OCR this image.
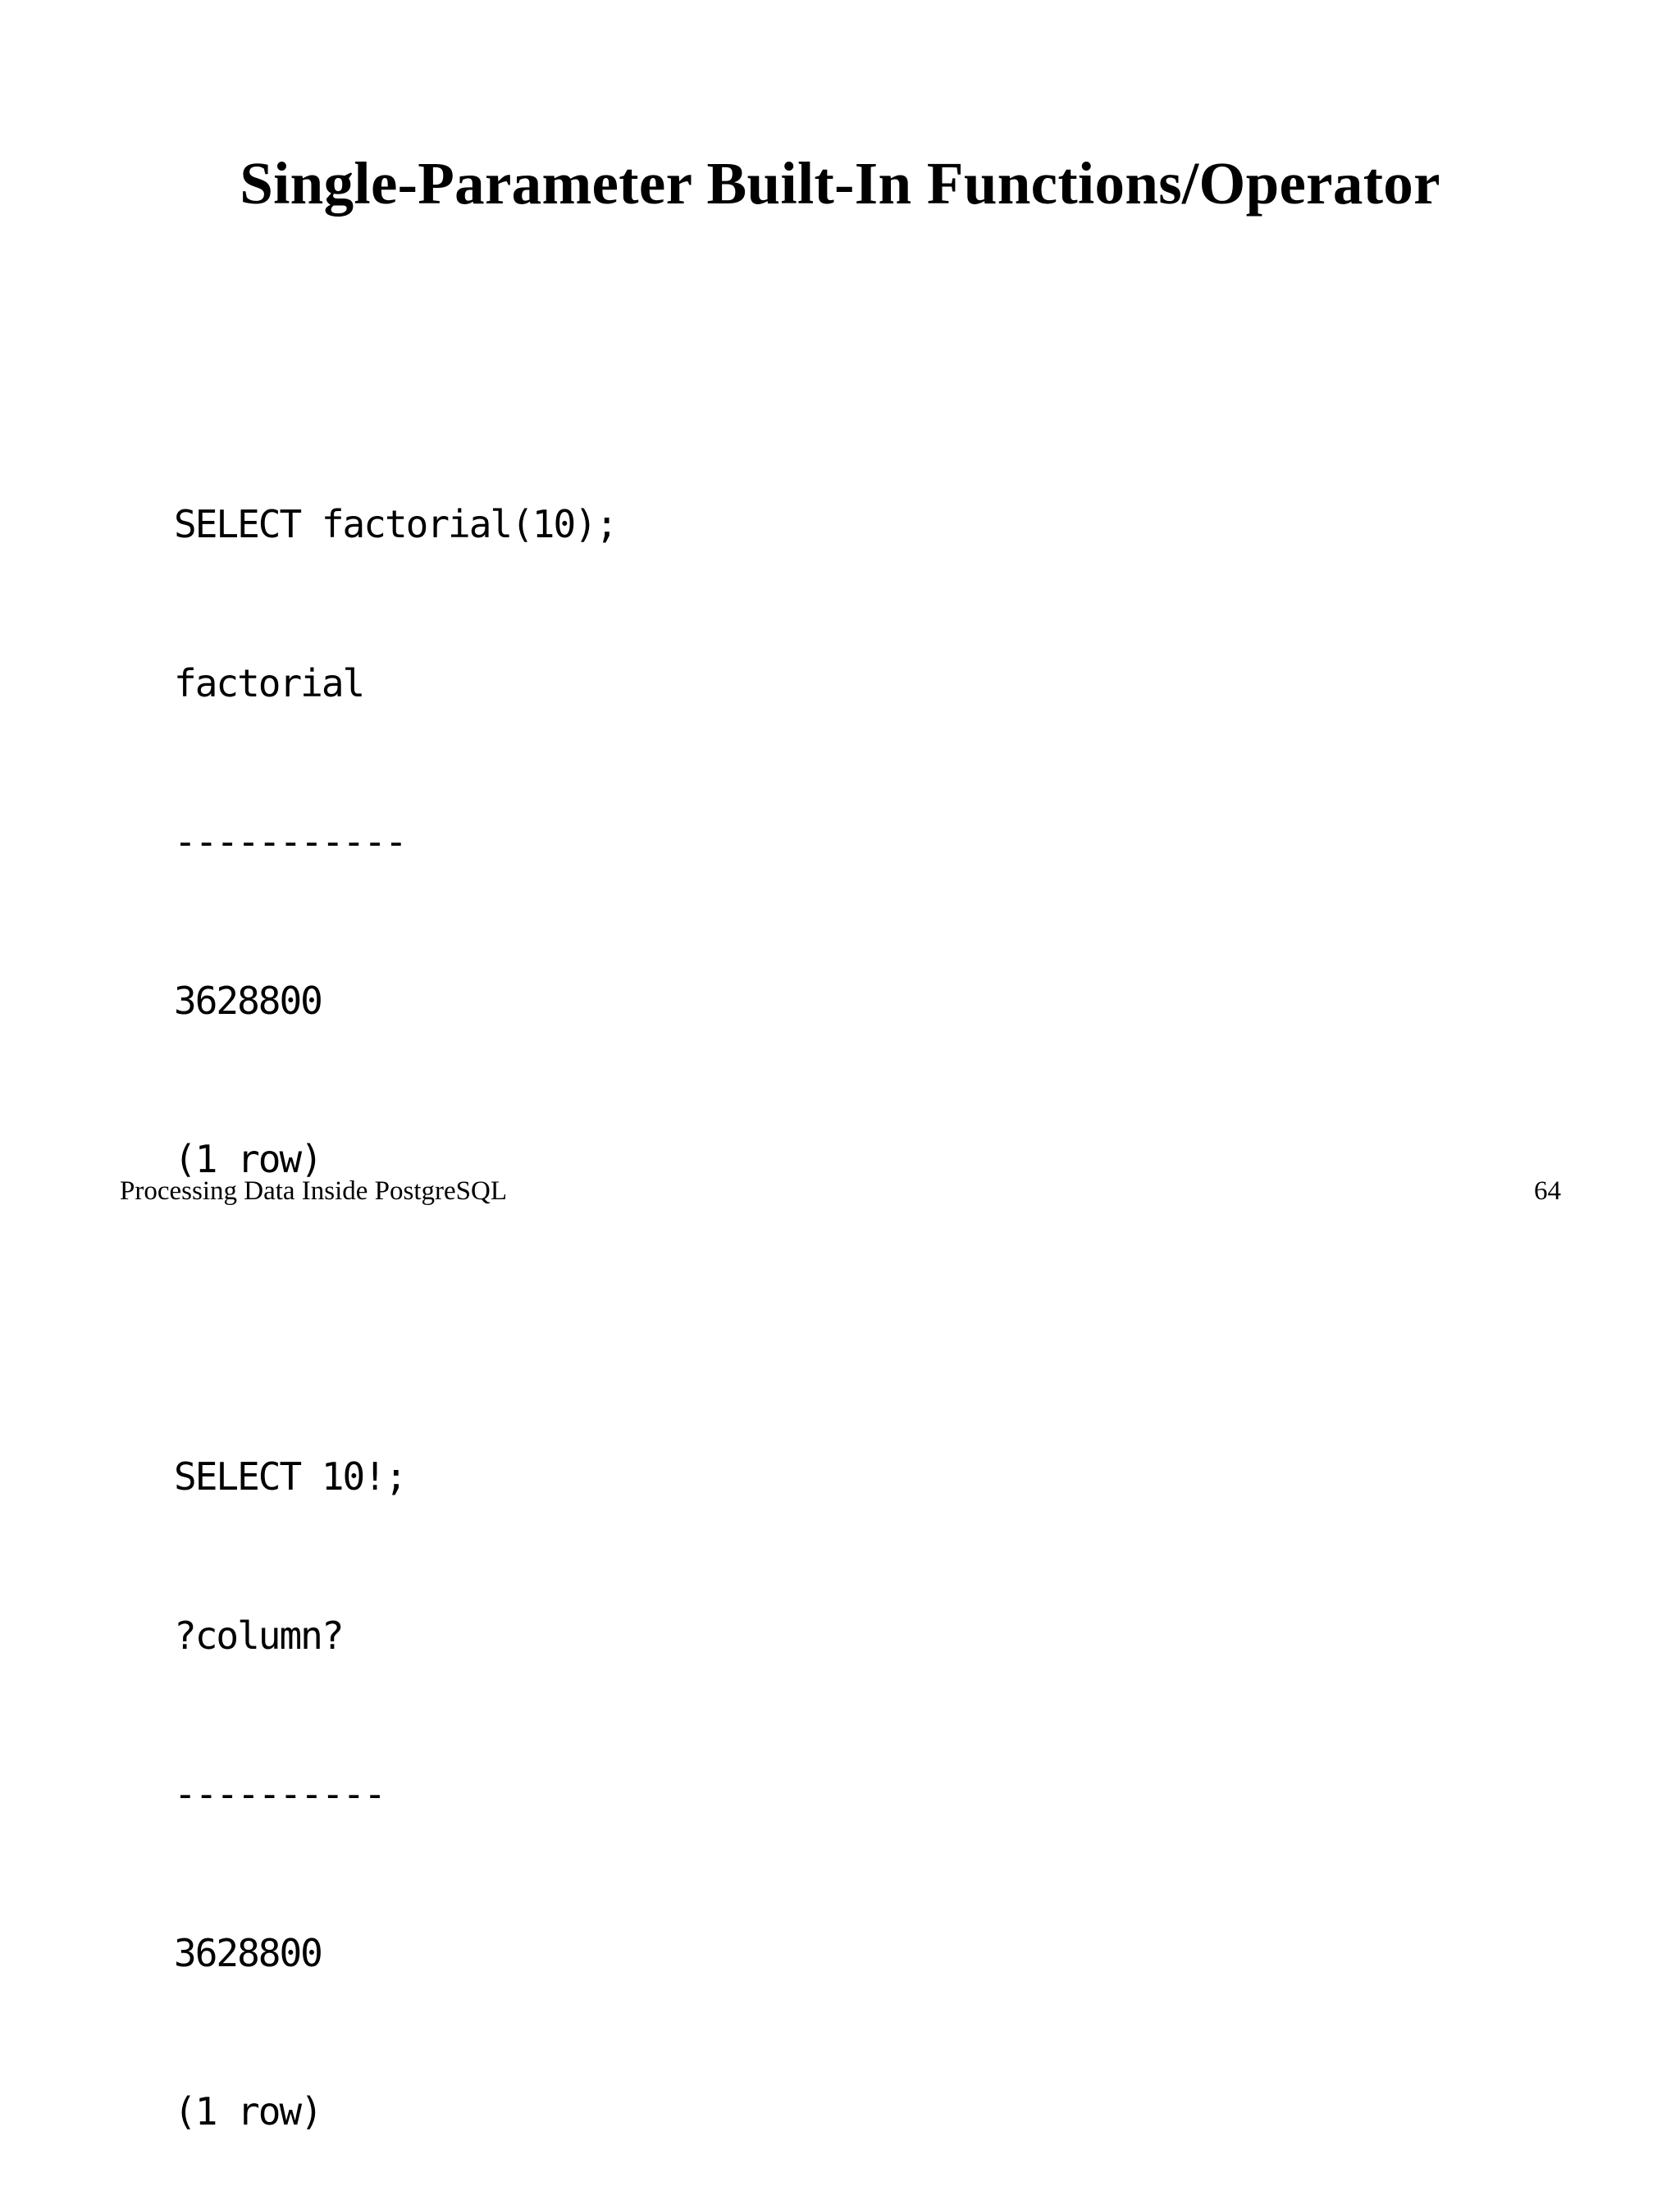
Single-Parameter Built-In Functions/Operator

SELECT factorial(10);

factorial

-----------

3628800

(1 row)

SELECT 10!;

?column?

----------

3628800

(1 row)

Processing Data Inside PostgreSQL	64
